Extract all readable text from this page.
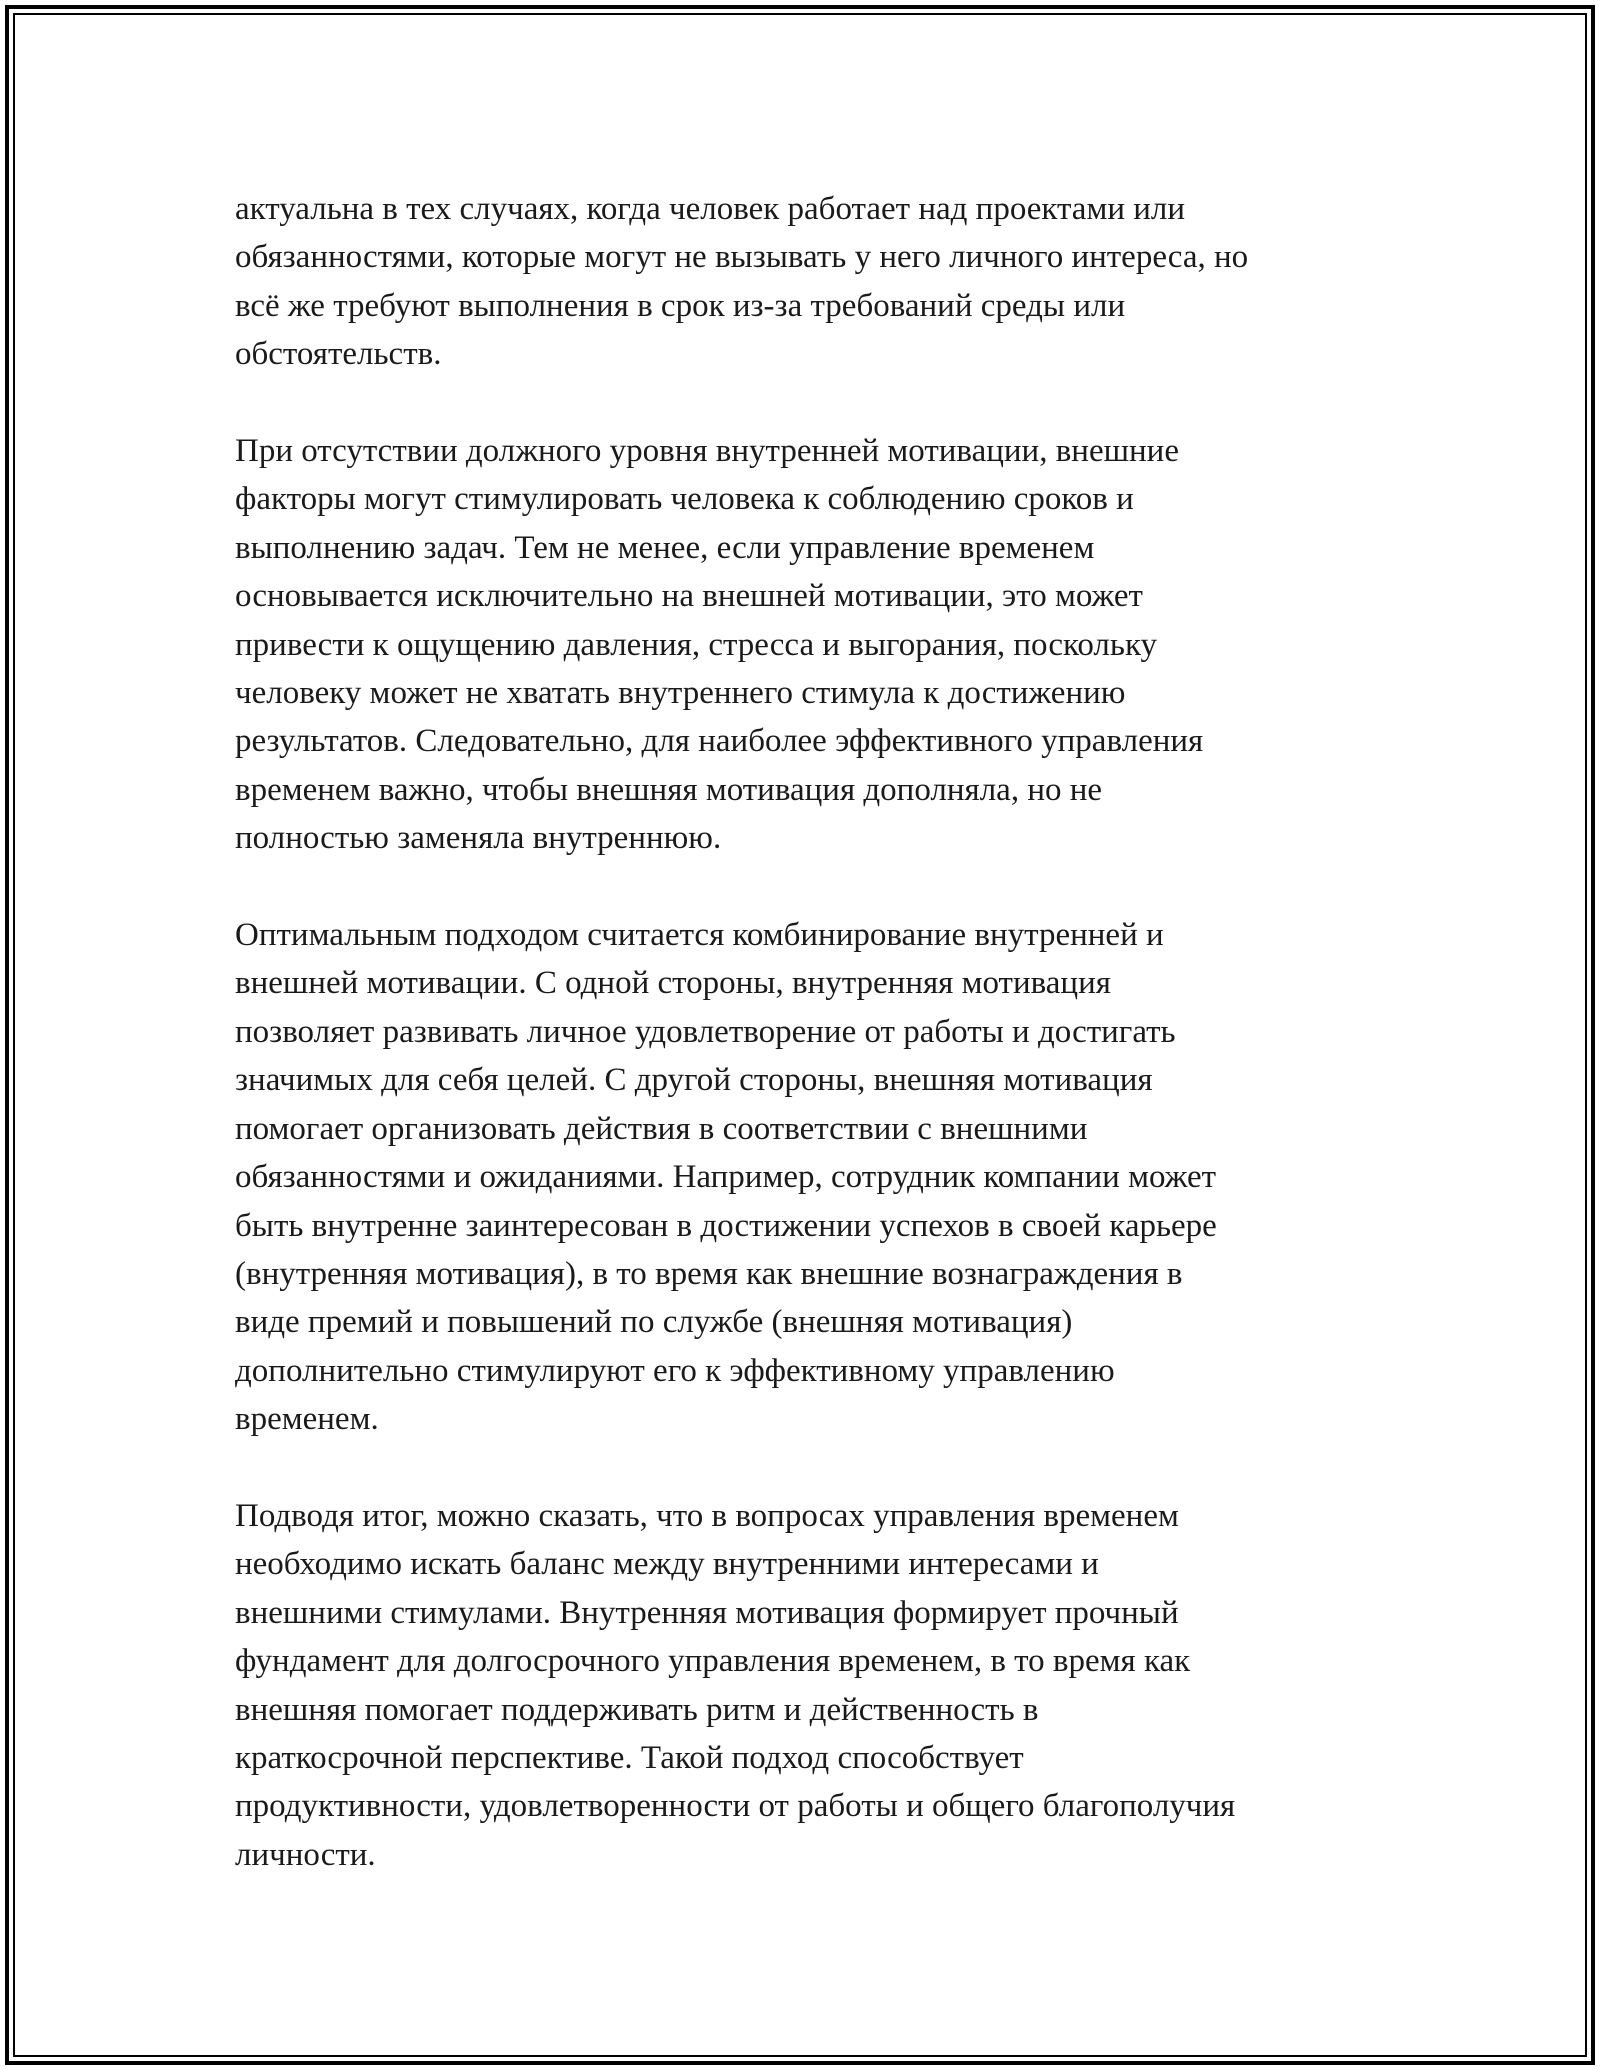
актуальна в тех случаях, когда человек работает над проектами или
обязанностями, которые могут не вызывать у него личного интереса, но
всё же требуют выполнения в срок из-за требований среды или
обстоятельств.

При отсутствии должного уровня внутренней мотивации, внешние
факторы могут стимулировать человека к соблюдению сроков и
выполнению задач. Тем не менее, если управление временем
основывается исключительно на внешней мотивации, это может
привести к ощущению давления, стресса и выгорания, поскольку
человеку может не хватать внутреннего стимула к достижению
результатов. Следовательно, для наиболее эффективного управления
временем важно, чтобы внешняя мотивация дополняла, но не
полностью заменяла внутреннюю.

Оптимальным подходом считается комбинирование внутренней и
внешней мотивации. С одной стороны, внутренняя мотивация
позволяет развивать личное удовлетворение от работы и достигать
значимых для себя целей. С другой стороны, внешняя мотивация
помогает организовать действия в соответствии с внешними
обязанностями и ожиданиями. Например, сотрудник компании может
быть внутренне заинтересован в достижении успехов в своей карьере
(внутренняя мотивация), в то время как внешние вознаграждения в
виде премий и повышений по службе (внешняя мотивация)
дополнительно стимулируют его к эффективному управлению
временем.

Подводя итог, можно сказать, что в вопросах управления временем
необходимо искать баланс между внутренними интересами и
внешними стимулами. Внутренняя мотивация формирует прочный
фундамент для долгосрочного управления временем, в то время как
внешняя помогает поддерживать ритм и действенность в
краткосрочной перспективе. Такой подход способствует
продуктивности, удовлетворенности от работы и общего благополучия
личности.
